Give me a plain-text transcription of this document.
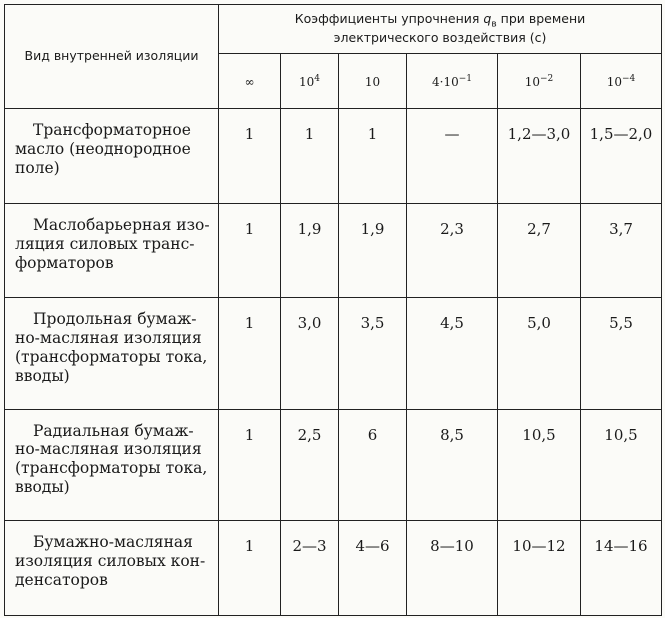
Вид внутренней изоляции	Коэффициенты упрочнения $q_в$ при времени
электрического воздействия (с)					
	∞	$10^4$	10	$4\cdot 10^{-1}$	$10^{-2}$	$10^{-4}$

Трансформаторное
масло (неоднородное
поле)	1	1	1	—	1,2—3,0	1,5—2,0

Маслобарьерная изо-
ляция силовых транс-
форматоров	1	1,9	1,9	2,3	2,7	3,7

Продольная бумаж-
но-масляная изоляция
(трансформаторы тока,
вводы)	1	3,0	3,5	4,5	5,0	5,5

Радиальная бумаж-
но-масляная изоляция
(трансформаторы тока,
вводы)	1	2,5	6	8,5	10,5	10,5

Бумажно-масляная
изоляция силовых кон-
денсаторов	1	2—3	4—6	8—10	10—12	14—16
